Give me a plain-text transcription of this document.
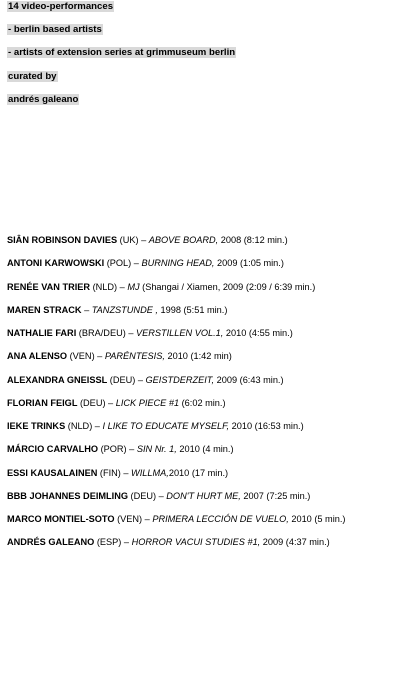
14 video-performances
- berlin based artists
- artists of extension series at grimmuseum berlin
curated by
andrés galeano
SIÂN ROBINSON DAVIES (UK) – ABOVE BOARD, 2008 (8:12 min.)
ANTONI KARWOWSKI (POL) – BURNING HEAD, 2009 (1:05 min.)
RENÉE VAN TRIER (NLD) – MJ (Shangai / Xiamen, 2009 (2:09 / 6:39 min.)
MAREN STRACK – TANZSTUNDE , 1998 (5:51 min.)
NATHALIE FARI (BRA/DEU) – VERSTILLEN VOL.1, 2010 (4:55 min.)
ANA ALENSO (VEN) – PARÉNTESIS, 2010 (1:42 min)
ALEXANDRA GNEISSL (DEU) – GEISTDERZEIT, 2009 (6:43 min.)
FLORIAN FEIGL (DEU) – LICK PIECE #1 (6:02 min.)
IEKE TRINKS (NLD) – I LIKE TO EDUCATE MYSELF, 2010 (16:53 min.)
MÁRCIO CARVALHO (POR) – SIN Nr. 1, 2010 (4 min.)
ESSI KAUSALAINEN (FIN) – WILLMA,2010 (17 min.)
BBB JOHANNES DEIMLING (DEU) – DON'T HURT ME, 2007 (7:25 min.)
MARCO MONTIEL-SOTO (VEN) – PRIMERA LECCIÓN DE VUELO, 2010 (5 min.)
ANDRÉS GALEANO (ESP) – HORROR VACUI STUDIES #1, 2009 (4:37 min.)
